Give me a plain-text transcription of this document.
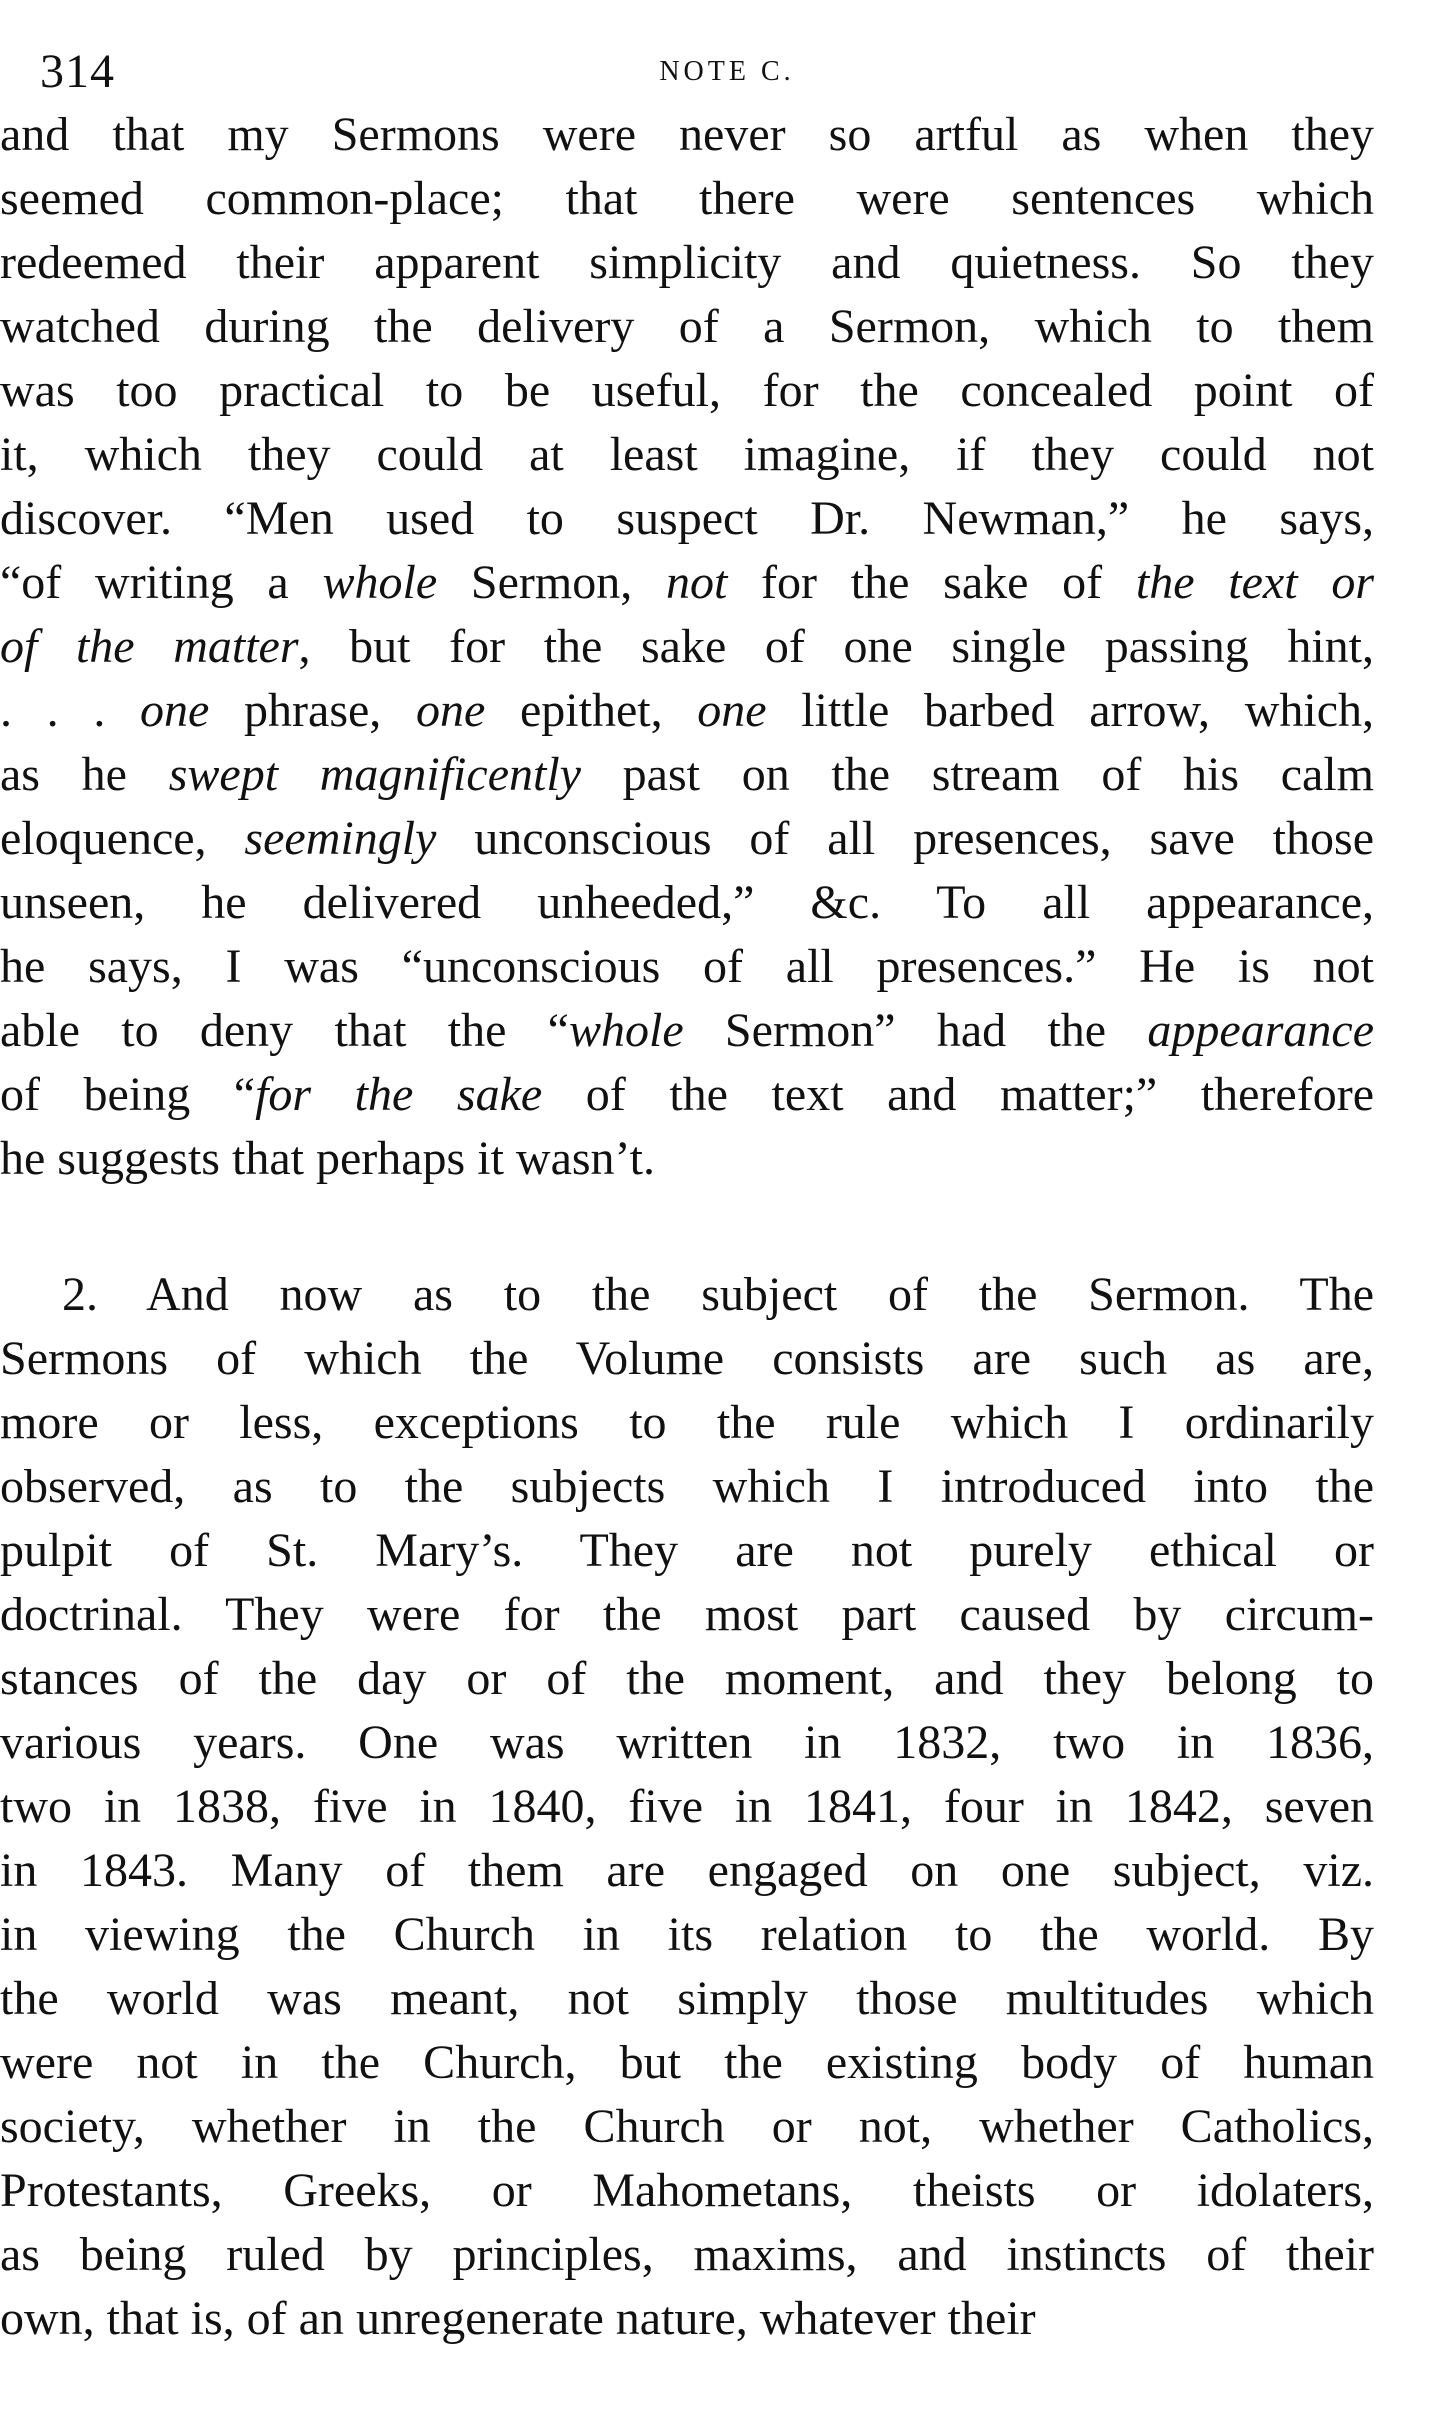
314	NOTE C.
and that my Sermons were never so artful as when they
seemed common-place; that there were sentences which
redeemed their apparent simplicity and quietness. So they
watched during the delivery of a Sermon, which to them
was too practical to be useful, for the concealed point of
it, which they could at least imagine, if they could not
discover. “Men used to suspect Dr. Newman,” he says,
“of writing a whole Sermon, not for the sake of the text or
of the matter, but for the sake of one single passing hint,
. . . one phrase, one epithet, one little barbed arrow, which,
as he swept magnificently past on the stream of his calm
eloquence, seemingly unconscious of all presences, save those
unseen, he delivered unheeded,” &c. To all appearance,
he says, I was “unconscious of all presences.” He is not
able to deny that the “whole Sermon” had the appearance
of being “for the sake of the text and matter;” therefore
he suggests that perhaps it wasn’t.
2. And now as to the subject of the Sermon. The
Sermons of which the Volume consists are such as are,
more or less, exceptions to the rule which I ordinarily
observed, as to the subjects which I introduced into the
pulpit of St. Mary’s. They are not purely ethical or
doctrinal. They were for the most part caused by circum-
stances of the day or of the moment, and they belong to
various years. One was written in 1832, two in 1836,
two in 1838, five in 1840, five in 1841, four in 1842, seven
in 1843. Many of them are engaged on one subject, viz.
in viewing the Church in its relation to the world. By
the world was meant, not simply those multitudes which
were not in the Church, but the existing body of human
society, whether in the Church or not, whether Catholics,
Protestants, Greeks, or Mahometans, theists or idolaters,
as being ruled by principles, maxims, and instincts of their
own, that is, of an unregenerate nature, whatever their
